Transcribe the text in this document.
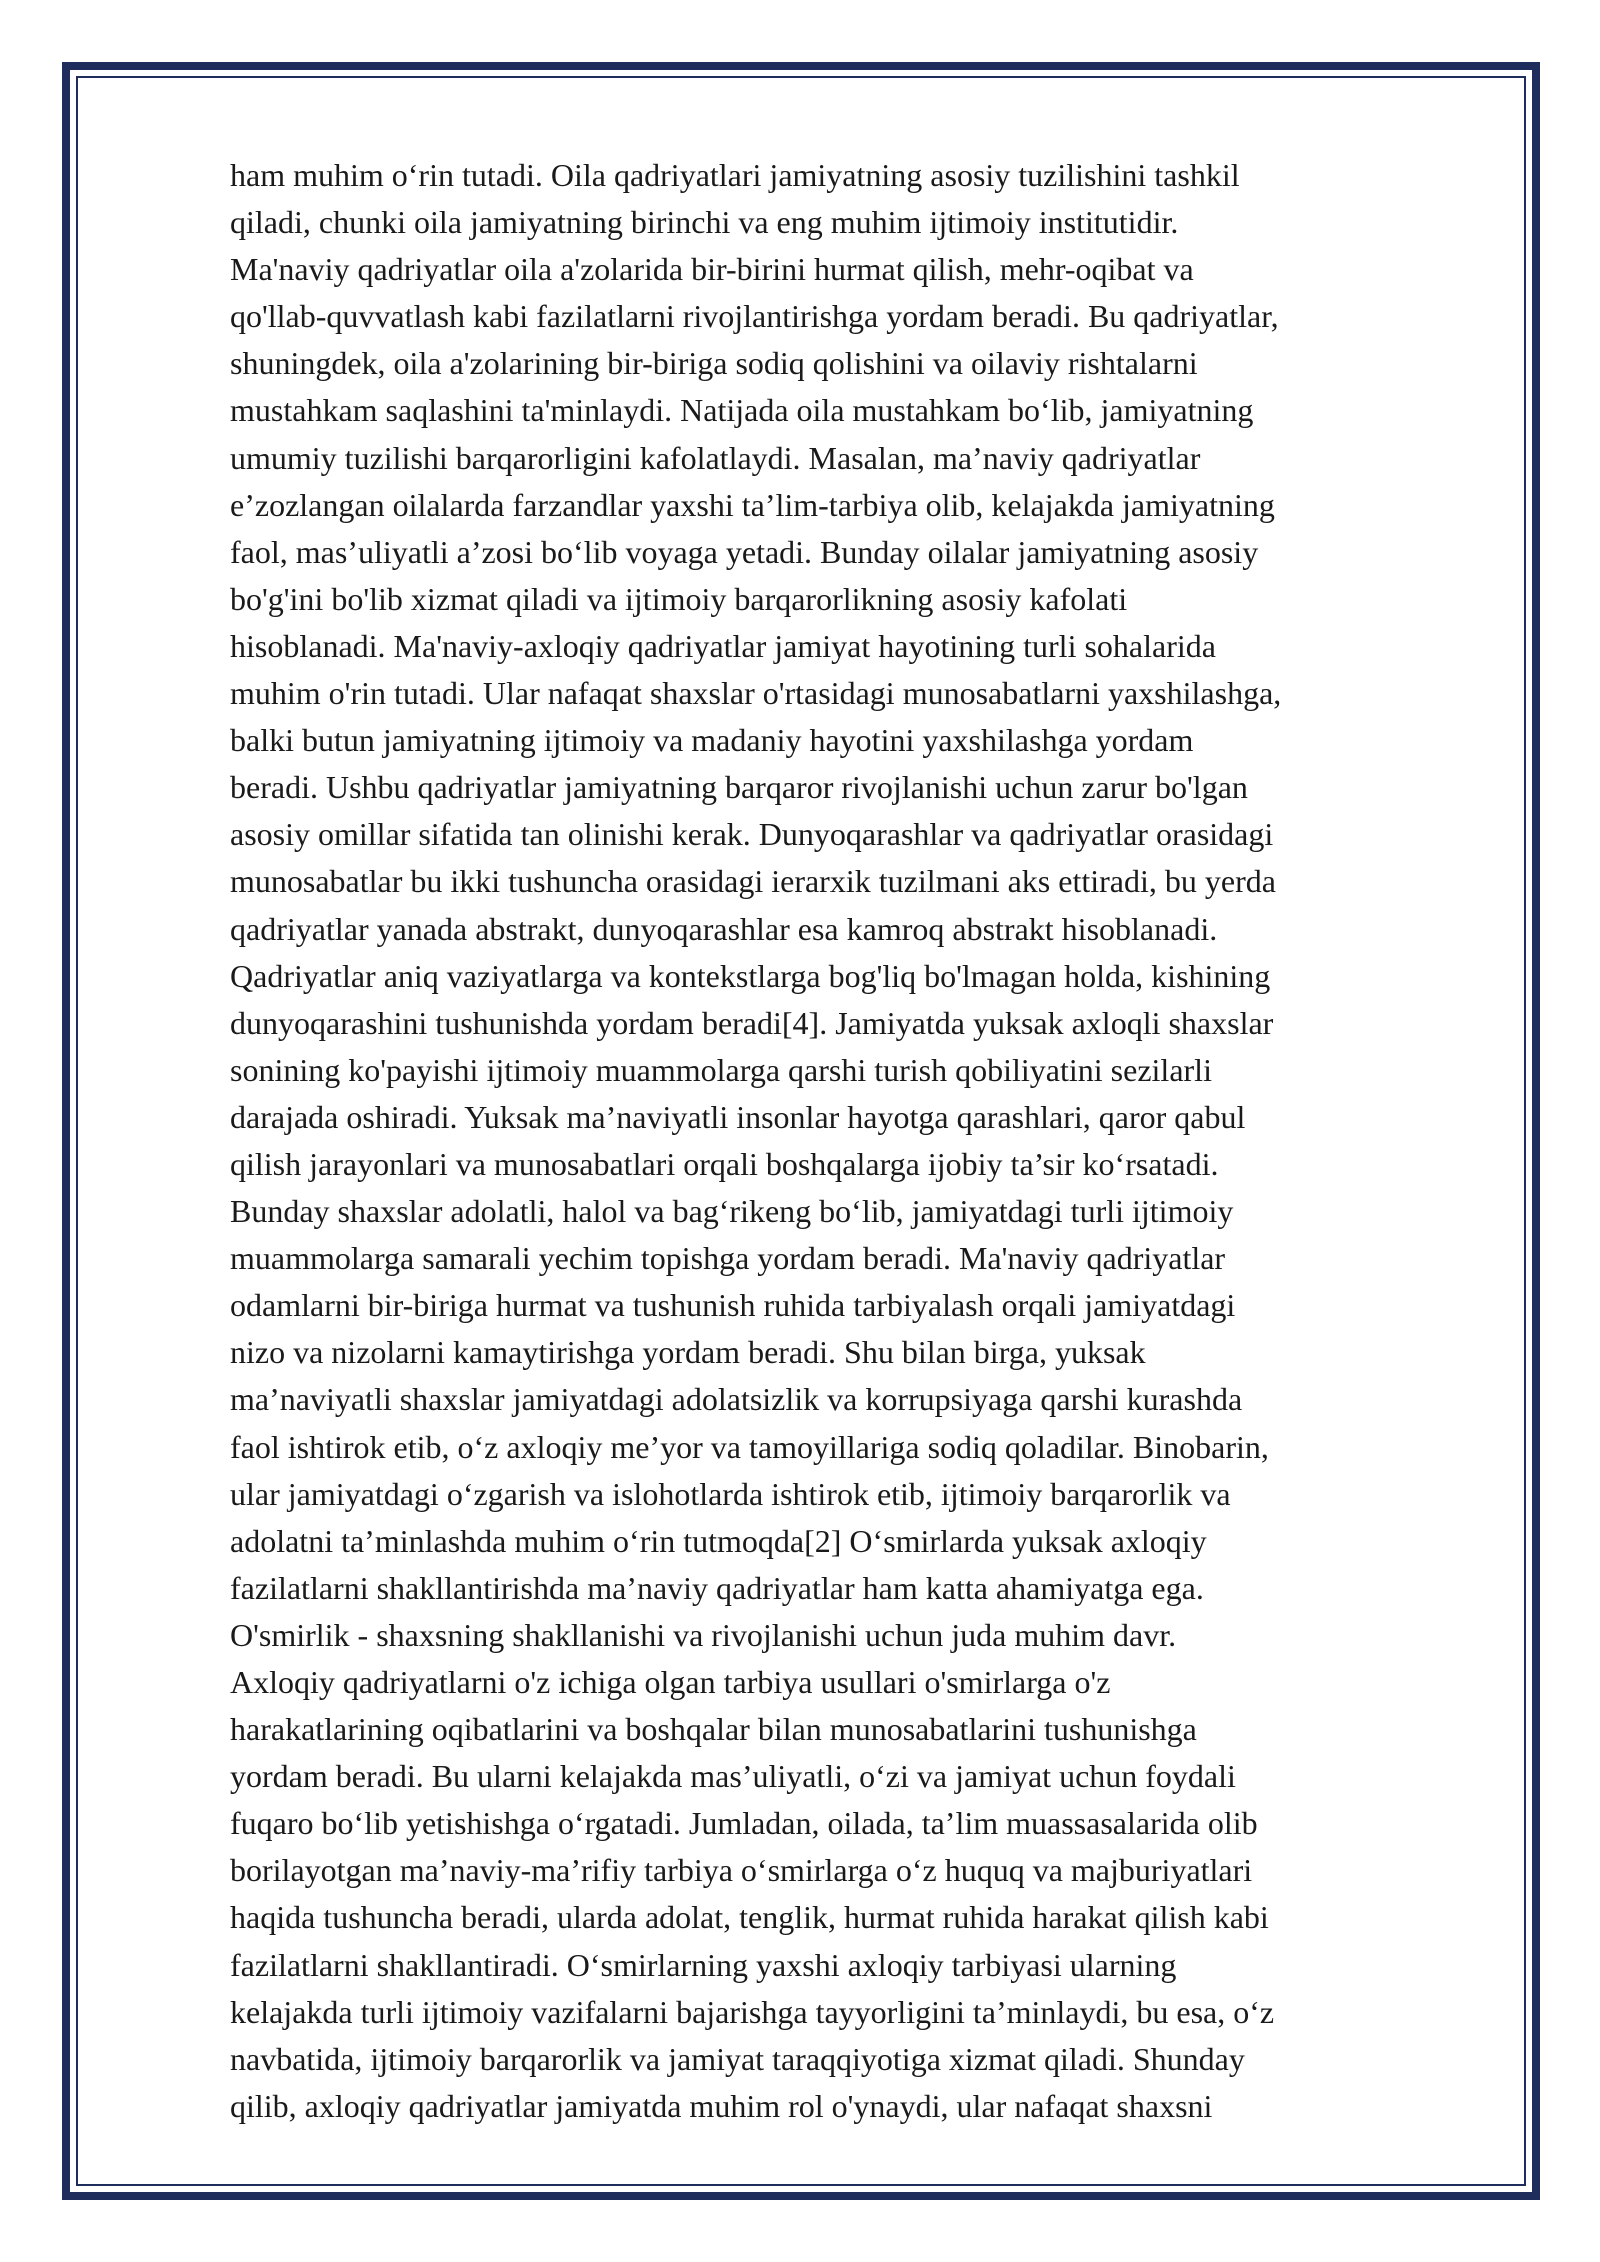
ham muhim o‘rin tutadi. Oila qadriyatlari jamiyatning asosiy tuzilishini tashkil
qiladi, chunki oila jamiyatning birinchi va eng muhim ijtimoiy institutidir.
Ma'naviy qadriyatlar oila a'zolarida bir-birini hurmat qilish, mehr-oqibat va
qo'llab-quvvatlash kabi fazilatlarni rivojlantirishga yordam beradi. Bu qadriyatlar,
shuningdek, oila a'zolarining bir-biriga sodiq qolishini va oilaviy rishtalarni
mustahkam saqlashini ta'minlaydi. Natijada oila mustahkam bo‘lib, jamiyatning
umumiy tuzilishi barqarorligini kafolatlaydi. Masalan, ma’naviy qadriyatlar
e’zozlangan oilalarda farzandlar yaxshi ta’lim-tarbiya olib, kelajakda jamiyatning
faol, mas’uliyatli a’zosi bo‘lib voyaga yetadi. Bunday oilalar jamiyatning asosiy
bo'g'ini bo'lib xizmat qiladi va ijtimoiy barqarorlikning asosiy kafolati
hisoblanadi. Ma'naviy-axloqiy qadriyatlar jamiyat hayotining turli sohalarida
muhim o'rin tutadi. Ular nafaqat shaxslar o'rtasidagi munosabatlarni yaxshilashga,
balki butun jamiyatning ijtimoiy va madaniy hayotini yaxshilashga yordam
beradi. Ushbu qadriyatlar jamiyatning barqaror rivojlanishi uchun zarur bo'lgan
asosiy omillar sifatida tan olinishi kerak. Dunyoqarashlar va qadriyatlar orasidagi
munosabatlar bu ikki tushuncha orasidagi ierarxik tuzilmani aks ettiradi, bu yerda
qadriyatlar yanada abstrakt, dunyoqarashlar esa kamroq abstrakt hisoblanadi.
Qadriyatlar aniq vaziyatlarga va kontekstlarga bog'liq bo'lmagan holda, kishining
dunyoqarashini tushunishda yordam beradi[4]. Jamiyatda yuksak axloqli shaxslar
sonining ko'payishi ijtimoiy muammolarga qarshi turish qobiliyatini sezilarli
darajada oshiradi. Yuksak ma’naviyatli insonlar hayotga qarashlari, qaror qabul
qilish jarayonlari va munosabatlari orqali boshqalarga ijobiy ta’sir ko‘rsatadi.
Bunday shaxslar adolatli, halol va bag‘rikeng bo‘lib, jamiyatdagi turli ijtimoiy
muammolarga samarali yechim topishga yordam beradi. Ma'naviy qadriyatlar
odamlarni bir-biriga hurmat va tushunish ruhida tarbiyalash orqali jamiyatdagi
nizo va nizolarni kamaytirishga yordam beradi. Shu bilan birga, yuksak
ma’naviyatli shaxslar jamiyatdagi adolatsizlik va korrupsiyaga qarshi kurashda
faol ishtirok etib, o‘z axloqiy me’yor va tamoyillariga sodiq qoladilar. Binobarin,
ular jamiyatdagi o‘zgarish va islohotlarda ishtirok etib, ijtimoiy barqarorlik va
adolatni ta’minlashda muhim o‘rin tutmoqda[2] O‘smirlarda yuksak axloqiy
fazilatlarni shakllantirishda ma’naviy qadriyatlar ham katta ahamiyatga ega.
O'smirlik - shaxsning shakllanishi va rivojlanishi uchun juda muhim davr.
Axloqiy qadriyatlarni o'z ichiga olgan tarbiya usullari o'smirlarga o'z
harakatlarining oqibatlarini va boshqalar bilan munosabatlarini tushunishga
yordam beradi. Bu ularni kelajakda mas’uliyatli, o‘zi va jamiyat uchun foydali
fuqaro bo‘lib yetishishga o‘rgatadi. Jumladan, oilada, ta’lim muassasalarida olib
borilayotgan ma’naviy-ma’rifiy tarbiya o‘smirlarga o‘z huquq va majburiyatlari
haqida tushuncha beradi, ularda adolat, tenglik, hurmat ruhida harakat qilish kabi
fazilatlarni shakllantiradi. O‘smirlarning yaxshi axloqiy tarbiyasi ularning
kelajakda turli ijtimoiy vazifalarni bajarishga tayyorligini ta’minlaydi, bu esa, o‘z
navbatida, ijtimoiy barqarorlik va jamiyat taraqqiyotiga xizmat qiladi. Shunday
qilib, axloqiy qadriyatlar jamiyatda muhim rol o'ynaydi, ular nafaqat shaxsni
